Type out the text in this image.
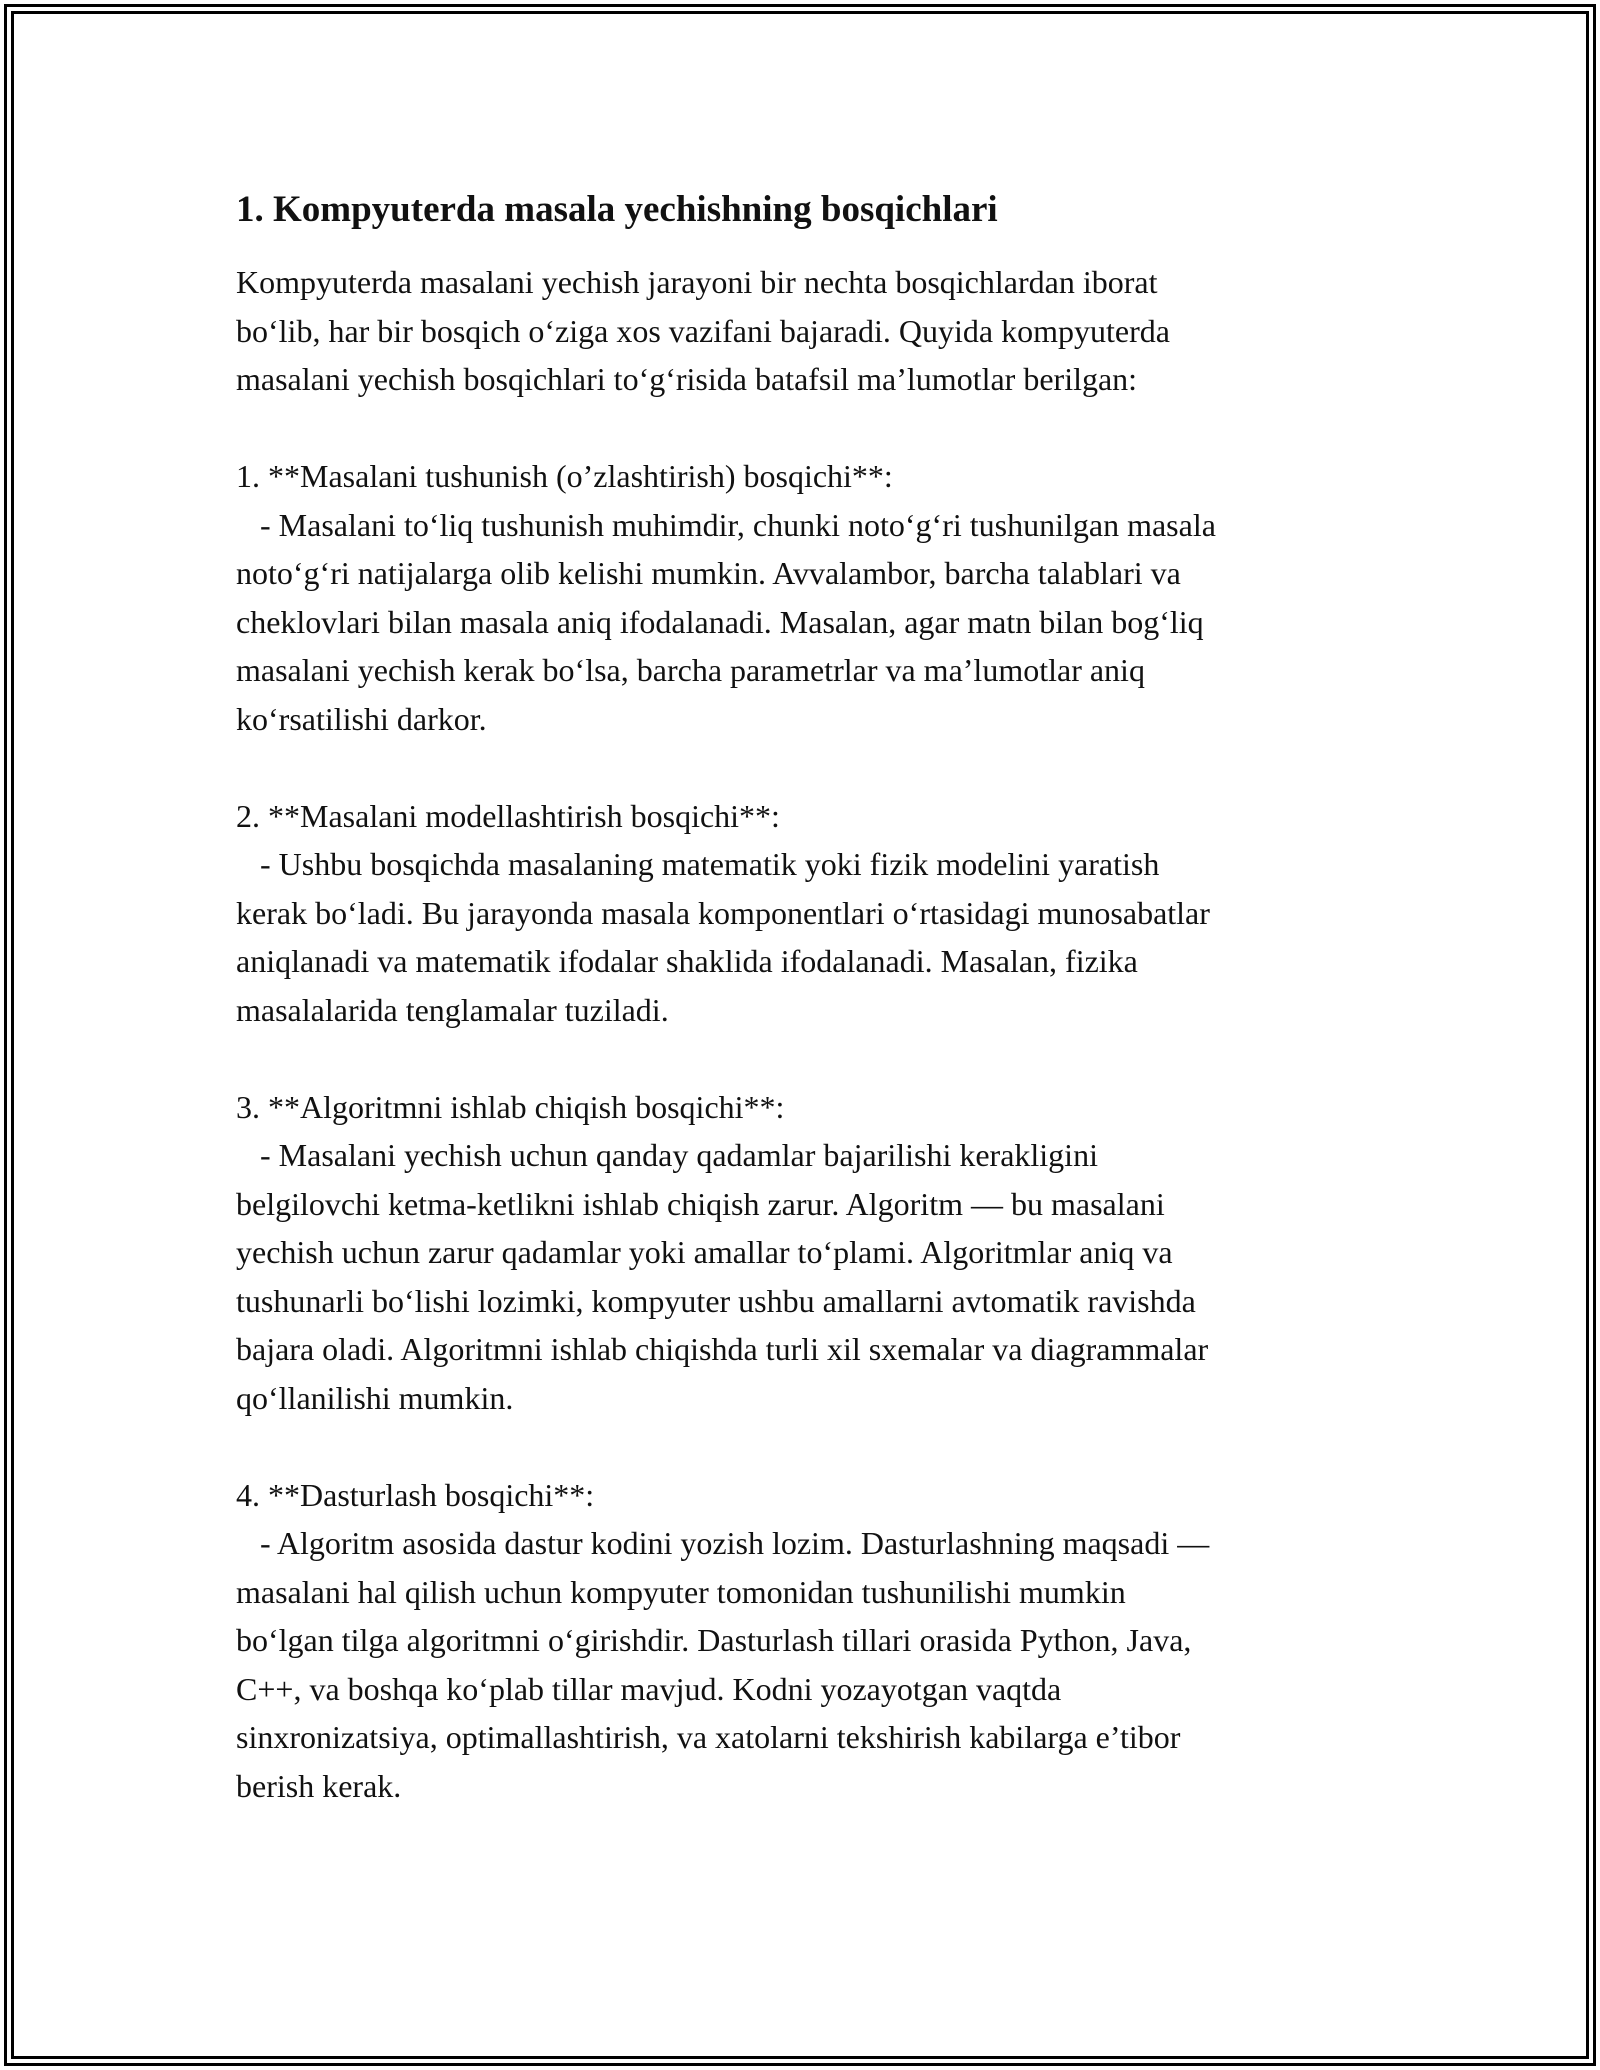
1. Kompyuterda masala yechishning bosqichlari
Kompyuterda masalani yechish jarayoni bir nechta bosqichlardan iborat
bo‘lib, har bir bosqich o‘ziga xos vazifani bajaradi. Quyida kompyuterda
masalani yechish bosqichlari to‘g‘risida batafsil ma’lumotlar berilgan:
1. **Masalani tushunish (o’zlashtirish) bosqichi**:
- Masalani to‘liq tushunish muhimdir, chunki noto‘g‘ri tushunilgan masala
noto‘g‘ri natijalarga olib kelishi mumkin. Avvalambor, barcha talablari va
cheklovlari bilan masala aniq ifodalanadi. Masalan, agar matn bilan bog‘liq
masalani yechish kerak bo‘lsa, barcha parametrlar va ma’lumotlar aniq
ko‘rsatilishi darkor.
2. **Masalani modellashtirish bosqichi**:
- Ushbu bosqichda masalaning matematik yoki fizik modelini yaratish
kerak bo‘ladi. Bu jarayonda masala komponentlari o‘rtasidagi munosabatlar
aniqlanadi va matematik ifodalar shaklida ifodalanadi. Masalan, fizika
masalalarida tenglamalar tuziladi.
3. **Algoritmni ishlab chiqish bosqichi**:
- Masalani yechish uchun qanday qadamlar bajarilishi kerakligini
belgilovchi ketma-ketlikni ishlab chiqish zarur. Algoritm — bu masalani
yechish uchun zarur qadamlar yoki amallar to‘plami. Algoritmlar aniq va
tushunarli bo‘lishi lozimki, kompyuter ushbu amallarni avtomatik ravishda
bajara oladi. Algoritmni ishlab chiqishda turli xil sxemalar va diagrammalar
qo‘llanilishi mumkin.
4. **Dasturlash bosqichi**:
- Algoritm asosida dastur kodini yozish lozim. Dasturlashning maqsadi —
masalani hal qilish uchun kompyuter tomonidan tushunilishi mumkin
bo‘lgan tilga algoritmni o‘girishdir. Dasturlash tillari orasida Python, Java,
C++, va boshqa ko‘plab tillar mavjud. Kodni yozayotgan vaqtda
sinxronizatsiya, optimallashtirish, va xatolarni tekshirish kabilarga e’tibor
berish kerak.
